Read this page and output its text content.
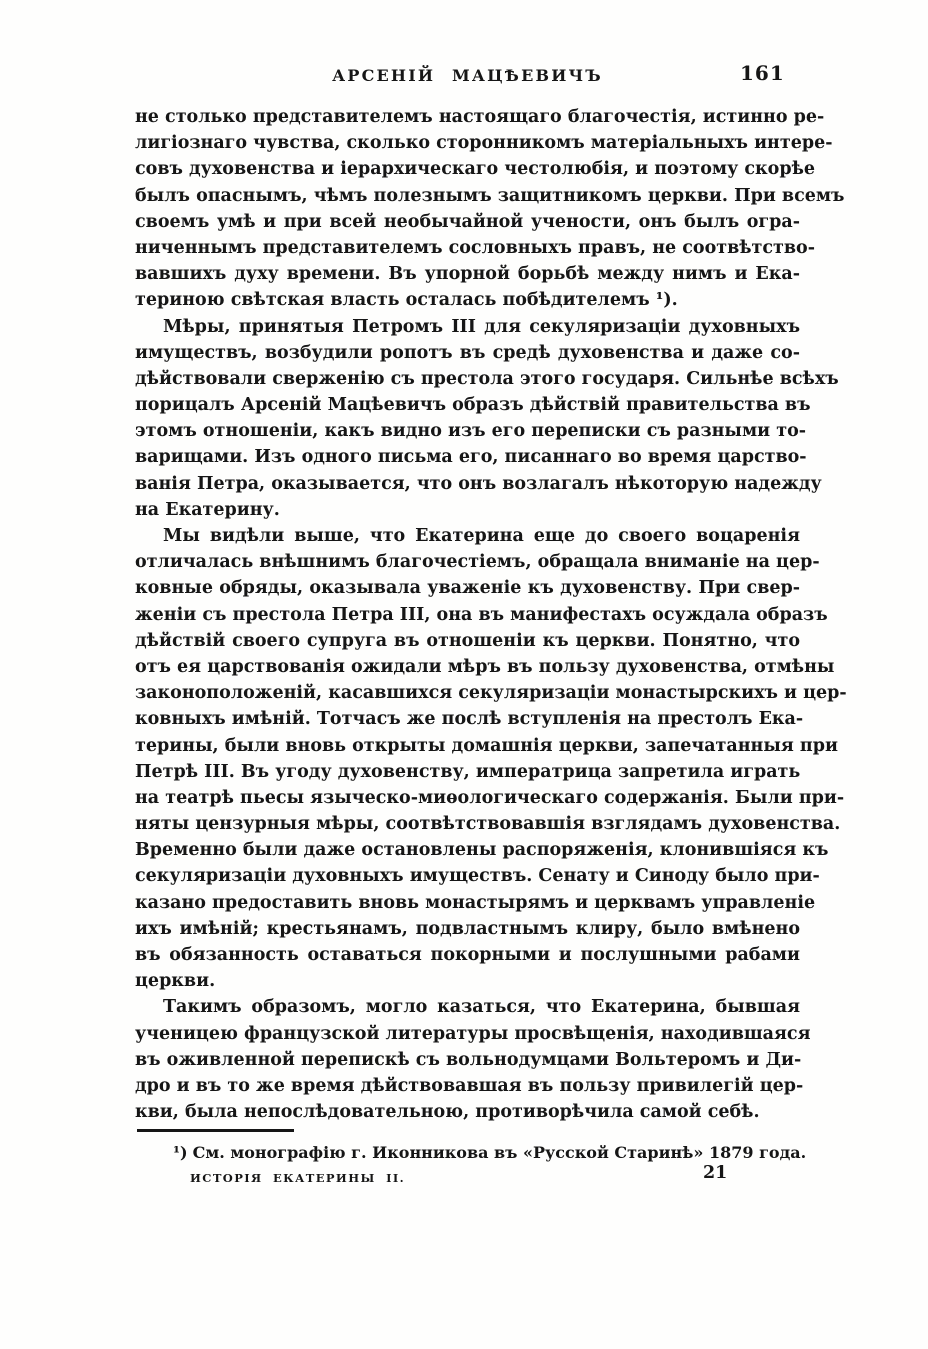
АРСЕНІЙ МАЦѢЕВИЧЪ	161
не столько представителемъ настоящаго благочестія, истинно ре-
лигіознаго чувства, сколько сторонникомъ матеріальныхъ интере-
совъ духовенства и іерархическаго честолюбія, и поэтому скорѣе
былъ опаснымъ, чѣмъ полезнымъ защитникомъ церкви. При всемъ
своемъ умѣ и при всей необычайной учености, онъ былъ огра-
ниченнымъ представителемъ сословныхъ правъ, не соотвѣтство-
вавшихъ духу времени. Въ упорной борьбѣ между нимъ и Ека-
териною свѣтская власть осталась побѣдителемъ ¹).
Мѣры, принятыя Петромъ III для секуляризаціи духовныхъ
имуществъ, возбудили ропотъ въ средѣ духовенства и даже со-
дѣйствовали сверженію съ престола этого государя. Сильнѣе всѣхъ
порицалъ Арсеній Мацѣевичъ образъ дѣйствій правительства въ
этомъ отношеніи, какъ видно изъ его переписки съ разными то-
варищами. Изъ одного письма его, писаннаго во время царство-
ванія Петра, оказывается, что онъ возлагалъ нѣкоторую надежду
на Екатерину.
Мы видѣли выше, что Екатерина еще до своего воцаренія
отличалась внѣшнимъ благочестіемъ, обращала вниманіе на цер-
ковные обряды, оказывала уваженіе къ духовенству. При свер-
женіи съ престола Петра III, она въ манифестахъ осуждала образъ
дѣйствій своего супруга въ отношеніи къ церкви. Понятно, что
отъ ея царствованія ожидали мѣръ въ пользу духовенства, отмѣны
законоположеній, касавшихся секуляризаціи монастырскихъ и цер-
ковныхъ имѣній. Тотчасъ же послѣ вступленія на престолъ Ека-
терины, были вновь открыты домашнія церкви, запечатанныя при
Петрѣ III. Въ угоду духовенству, императрица запретила играть
на театрѣ пьесы языческо-миѳологическаго содержанія. Были при-
няты цензурныя мѣры, соотвѣтствовавшія взглядамъ духовенства.
Временно были даже остановлены распоряженія, клонившіяся къ
секуляризаціи духовныхъ имуществъ. Сенату и Синоду было при-
казано предоставить вновь монастырямъ и церквамъ управленіе
ихъ имѣній; крестьянамъ, подвластнымъ клиру, было вмѣнено
въ обязанность оставаться покорными и послушными рабами
церкви.
Такимъ образомъ, могло казаться, что Екатерина, бывшая
ученицею французской литературы просвѣщенія, находившаяся
въ оживленной перепискѣ съ вольнодумцами Вольтеромъ и Ди-
дро и въ то же время дѣйствовавшая въ пользу привилегій цер-
кви, была непослѣдовательною, противорѣчила самой себѣ.
¹) См. монографію г. Иконникова въ «Русской Старинѣ» 1879 года.
ИСТОРІЯ ЕКАТЕРИНЫ II.	21
